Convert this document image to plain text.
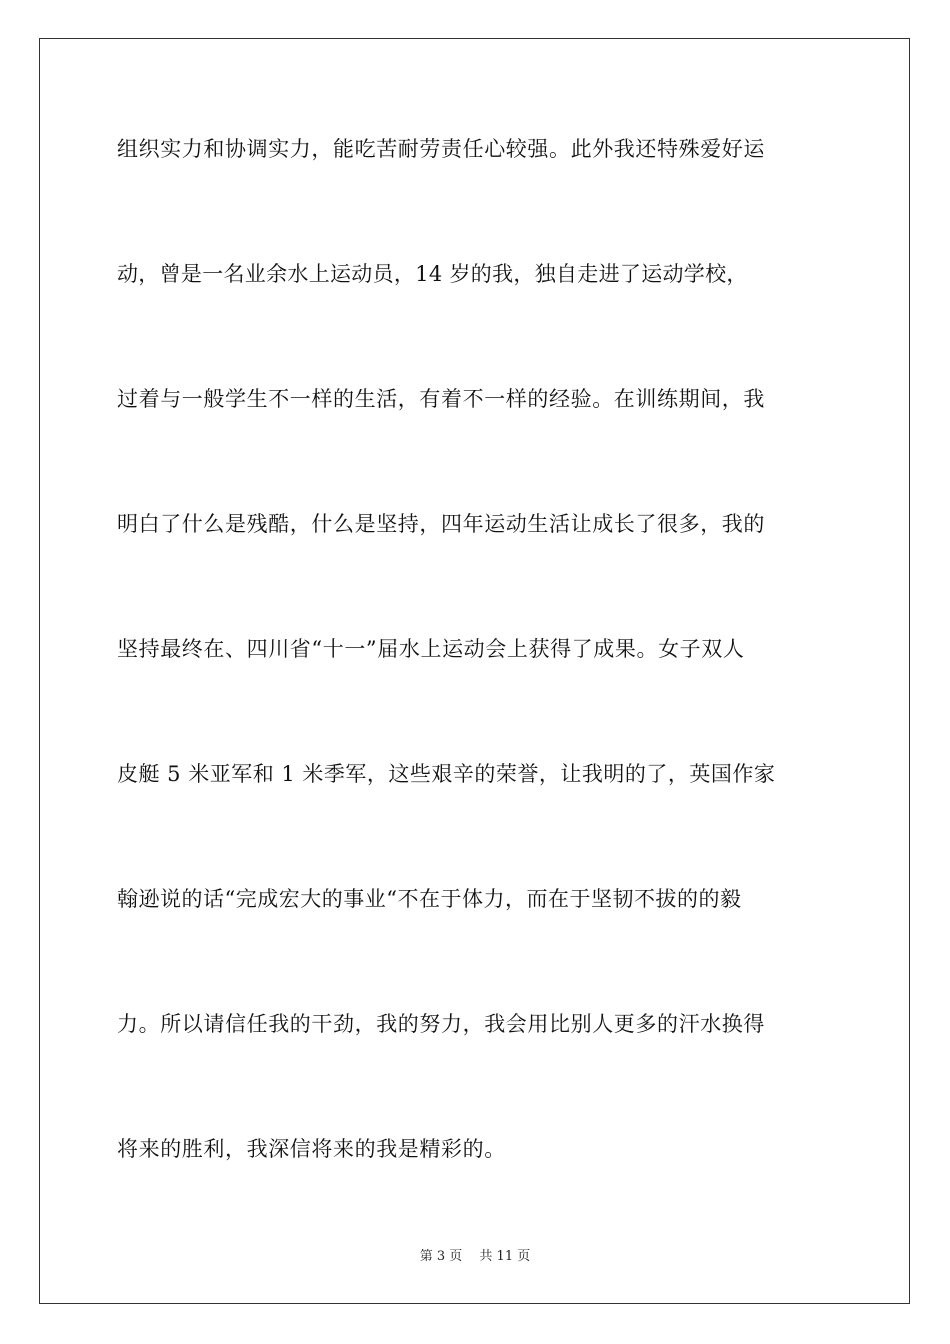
组织实力和协调实力，能吃苦耐劳责任心较强。此外我还特殊爱好运
动，曾是一名业余水上运动员，14 岁的我，独自走进了运动学校，
过着与一般学生不一样的生活，有着不一样的经验。在训练期间，我
明白了什么是残酷，什么是坚持，四年运动生活让成长了很多，我的
坚持最终在、四川省“十一”届水上运动会上获得了成果。女子双人
皮艇 5 米亚军和 1 米季军，这些艰辛的荣誉，让我明的了，英国作家
翰逊说的话“完成宏大的事业“不在于体力，而在于坚韧不拔的的毅
力。所以请信任我的干劲，我的努力，我会用比别人更多的汗水换得
将来的胜利，我深信将来的我是精彩的。
第 3 页　 共 11 页
